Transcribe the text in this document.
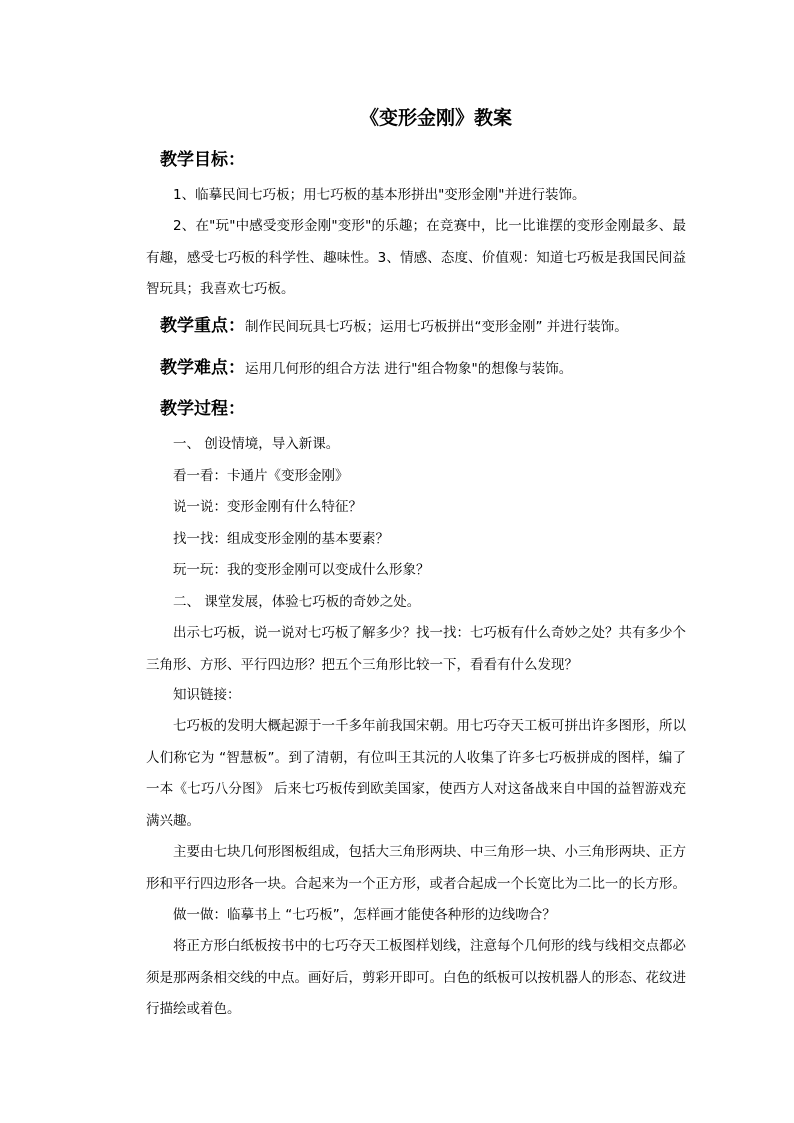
《变形金刚》教案
教学目标：

1、临摹民间七巧板；用七巧板的基本形拼出"变形金刚"并进行装饰。

2、在"玩"中感受变形金刚"变形"的乐趣；在竞赛中，比一比谁摆的变形金刚最多、最有趣，感受七巧板的科学性、趣味性。3、情感、态度、价值观：知道七巧板是我国民间益智玩具；我喜欢七巧板。

教学重点：制作民间玩具七巧板；运用七巧板拼出“变形金刚” 并进行装饰。
教学难点：运用几何形的组合方法 进行"组合物象"的想像与装饰。
教学过程：
一、 创设情境，导入新课。
看一看：卡通片《变形金刚》
说一说：变形金刚有什么特征？
找一找：组成变形金刚的基本要素？
玩一玩：我的变形金刚可以变成什么形象？
二、 课堂发展，体验七巧板的奇妙之处。

出示七巧板，说一说对七巧板了解多少？找一找：七巧板有什么奇妙之处？共有多少个三角形、方形、平行四边形？把五个三角形比较一下，看看有什么发现？

知识链接：

七巧板的发明大概起源于一千多年前我国宋朝。用七巧夺天工板可拼出许多图形，所以人们称它为 “智慧板”。到了清朝，有位叫王其沅的人收集了许多七巧板拼成的图样，编了一本《七巧八分图》 后来七巧板传到欧美国家，使西方人对这备战来自中国的益智游戏充满兴趣。

主要由七块几何形图板组成，包括大三角形两块、中三角形一块、小三角形两块、正方形和平行四边形各一块。合起来为一个正方形，或者合起成一个长宽比为二比一的长方形。

做一做：临摹书上 “七巧板”，怎样画才能使各种形的边线吻合？

将正方形白纸板按书中的七巧夺天工板图样划线，注意每个几何形的线与线相交点都必须是那两条相交线的中点。画好后，剪彩开即可。白色的纸板可以按机器人的形态、花纹进行描绘或着色。
